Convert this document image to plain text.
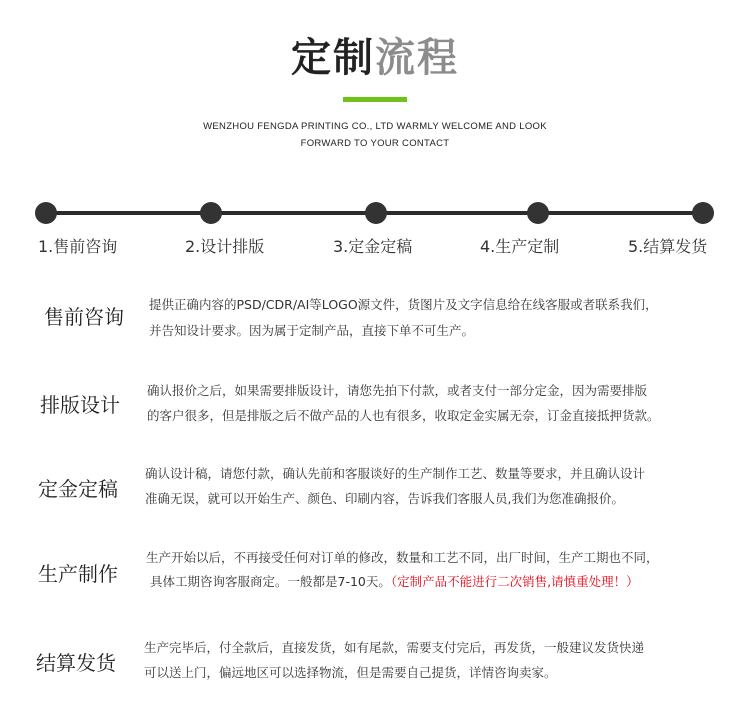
定制流程
WENZHOU FENGDA PRINTING CO., LTD WARMLY WELCOME AND LOOK
FORWARD TO YOUR CONTACT
1.售前咨询	2.设计排版	3.定金定稿	4.生产定制	5.结算发货
售前咨询
提供正确内容的PSD/CDR/AI等LOGO源文件，货图片及文字信息给在线客服或者联系我们，
并告知设计要求。因为属于定制产品，直接下单不可生产。
排版设计
确认报价之后，如果需要排版设计，请您先拍下付款，或者支付一部分定金，因为需要排版
的客户很多，但是排版之后不做产品的人也有很多，收取定金实属无奈，订金直接抵押货款。
定金定稿
确认设计稿，请您付款，确认先前和客服谈好的生产制作工艺、数量等要求，并且确认设计
准确无误，就可以开始生产、颜色、印刷内容，告诉我们客服人员,我们为您准确报价。
生产制作
生产开始以后，不再接受任何对订单的修改，数量和工艺不同，出厂时间，生产工期也不同，
具体工期咨询客服商定。一般都是7-10天。（定制产品不能进行二次销售,请慎重处理！）
结算发货
生产完毕后，付全款后，直接发货，如有尾款，需要支付完后，再发货，一般建议发货快递
可以送上门，偏远地区可以选择物流，但是需要自己提货，详情咨询卖家。
